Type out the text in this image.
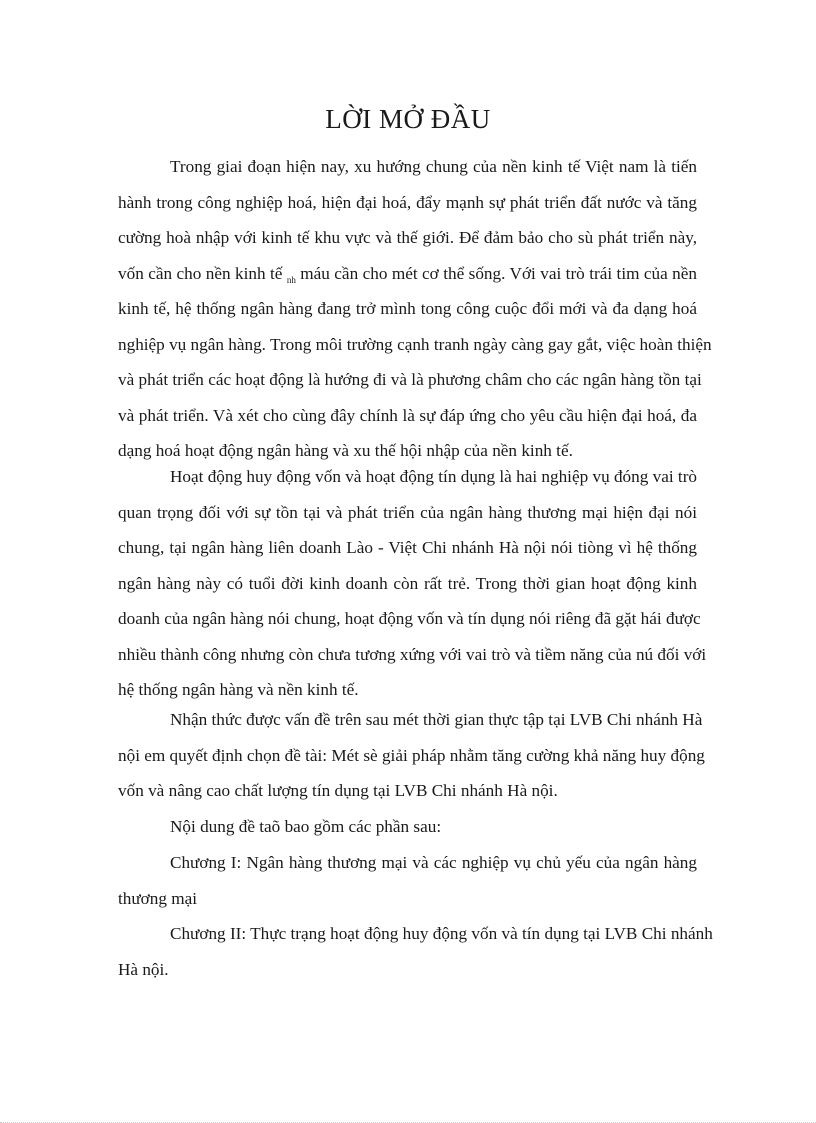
LỜI MỞ ĐẦU
Trong giai đoạn hiện nay, xu hướng chung của nền kinh tế Việt nam là tiến
hành trong công nghiệp hoá, hiện đại hoá, đẩy mạnh sự phát triển đất nước và tăng
cường hoà nhập với kinh tế khu vực và thế giới. Để đảm bảo cho sù phát triển này,
vốn cần cho nền kinh tế $_{nh}$ máu cần cho mét cơ thể sống. Với vai trò trái tim của nền
kinh tế, hệ thống ngân hàng đang trở mình tong công cuộc đổi mới và đa dạng hoá
nghiệp vụ ngân hàng. Trong môi trường cạnh tranh ngày càng gay gắt, việc hoàn thiện
và phát triển các hoạt động là hướng đi và là phương châm cho các ngân hàng tồn tại
và phát triển. Và xét cho cùng đây chính là sự đáp ứng cho yêu cầu hiện đại hoá, đa
dạng hoá hoạt động ngân hàng và xu thế hội nhập của nền kinh tế.
Hoạt động huy động vốn và hoạt động tín dụng là hai nghiệp vụ đóng vai trò
quan trọng đối với sự tồn tại và phát triển của ngân hàng thương mại hiện đại nói
chung, tại ngân hàng liên doanh Lào - Việt Chi nhánh Hà nội nói tiòng vì hệ thống
ngân hàng này có tuổi đời kinh doanh còn rất trẻ. Trong thời gian hoạt động kinh
doanh của ngân hàng nói chung, hoạt động vốn và tín dụng nói riêng đã gặt hái được
nhiều thành công nhưng còn chưa tương xứng với vai trò và tiềm năng của nú đối với
hệ thống ngân hàng và nền kinh tế.
Nhận thức được vấn đề trên sau mét thời gian thực tập tại LVB Chi nhánh Hà
nội em quyết định chọn đề tài: Mét sè giải pháp nhằm tăng cường khả năng huy động
vốn và nâng cao chất lượng tín dụng tại LVB Chi nhánh Hà nội.
Nội dung đề taõ bao gồm các phần sau:
Chương I: Ngân hàng thương mại và các nghiệp vụ chủ yếu của ngân hàng
thương mại
Chương II: Thực trạng hoạt động huy động vốn và tín dụng tại LVB Chi nhánh
Hà nội.
